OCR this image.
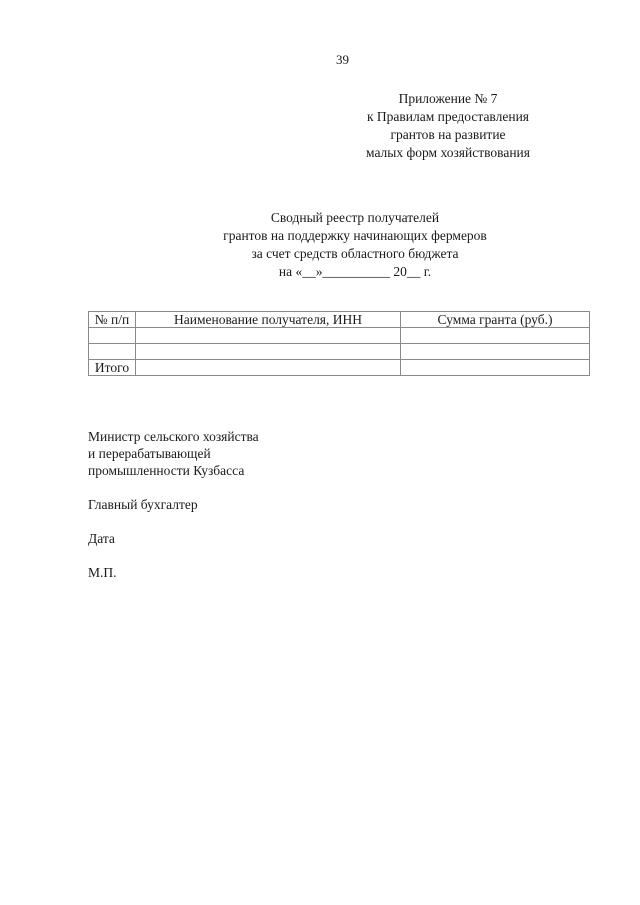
39
Приложение № 7
к Правилам предоставления
грантов на развитие
малых форм хозяйствования
Сводный реестр получателей
грантов на поддержку начинающих фермеров
за счет средств областного бюджета
на «__»__________ 20__ г.
№ п/п	Наименование получателя, ИНН	Сумма гранта (руб.)

Итого		
Министр сельского хозяйства
и перерабатывающей
промышленности Кузбасса
Главный бухгалтер
Дата
М.П.
